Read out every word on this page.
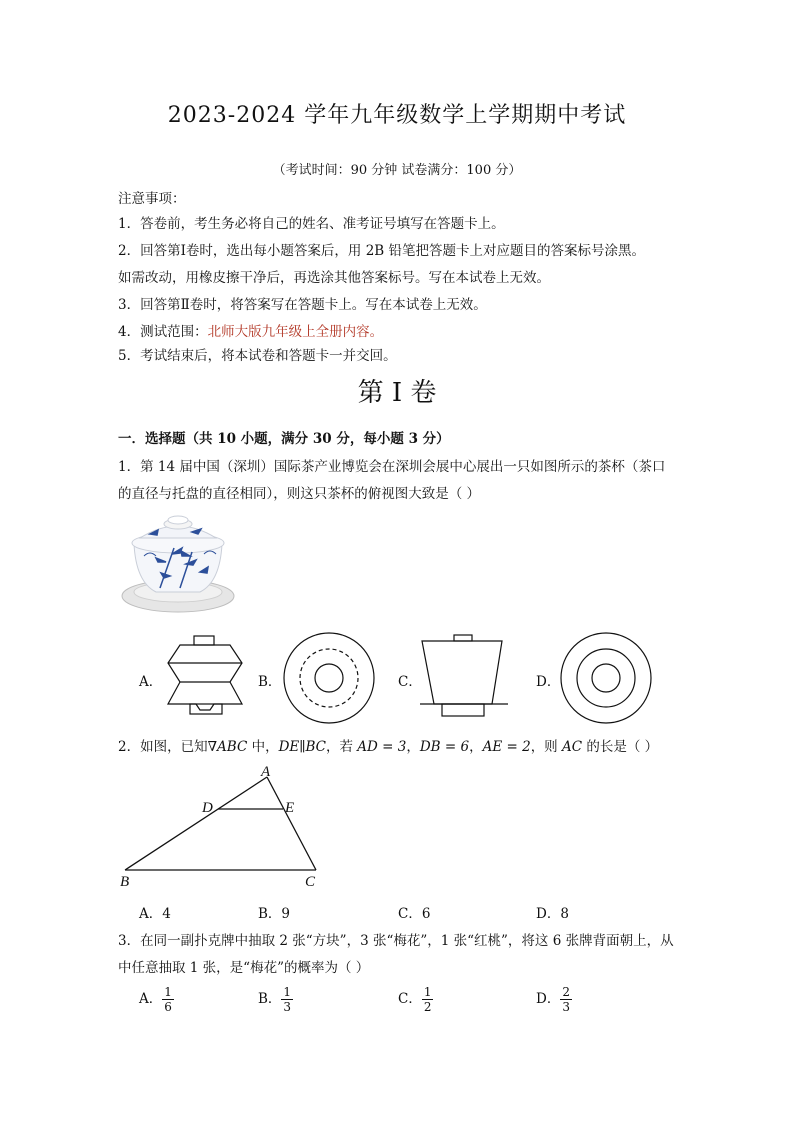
2023-2024 学年九年级数学上学期期中考试
（考试时间：90 分钟 试卷满分：100 分）
注意事项：
1．答卷前，考生务必将自己的姓名、准考证号填写在答题卡上。
2．回答第Ⅰ卷时，选出每小题答案后，用 2B 铅笔把答题卡上对应题目的答案标号涂黑。
如需改动，用橡皮擦干净后，再选涂其他答案标号。写在本试卷上无效。
3．回答第Ⅱ卷时，将答案写在答题卡上。写在本试卷上无效。
4．测试范围：北师大版九年级上全册内容。
5．考试结束后，将本试卷和答题卡一并交回。
第 I 卷
一．选择题（共 10 小题，满分 30 分，每小题 3 分）
1．第 14 届中国（深圳）国际茶产业博览会在深圳会展中心展出一只如图所示的茶杯（茶口
的直径与托盘的直径相同），则这只茶杯的俯视图大致是（ ）
A．	B．	C．	D．
2．如图，已知∇ABC 中，DE∥BC，若 AD = 3，DB = 6，AE = 2，则 AC 的长是（ ）
A
D	E
B	C
A．4	B．9	C．6	D．8
3．在同一副扑克牌中抽取 2 张“方块”，3 张“梅花”，1 张“红桃”，将这 6 张牌背面朝上，从
中任意抽取 1 张，是“梅花”的概率为（ ）
A． $\frac{1}{6}$	B． $\frac{1}{3}$	C． $\frac{1}{2}$	D． $\frac{2}{3}$
